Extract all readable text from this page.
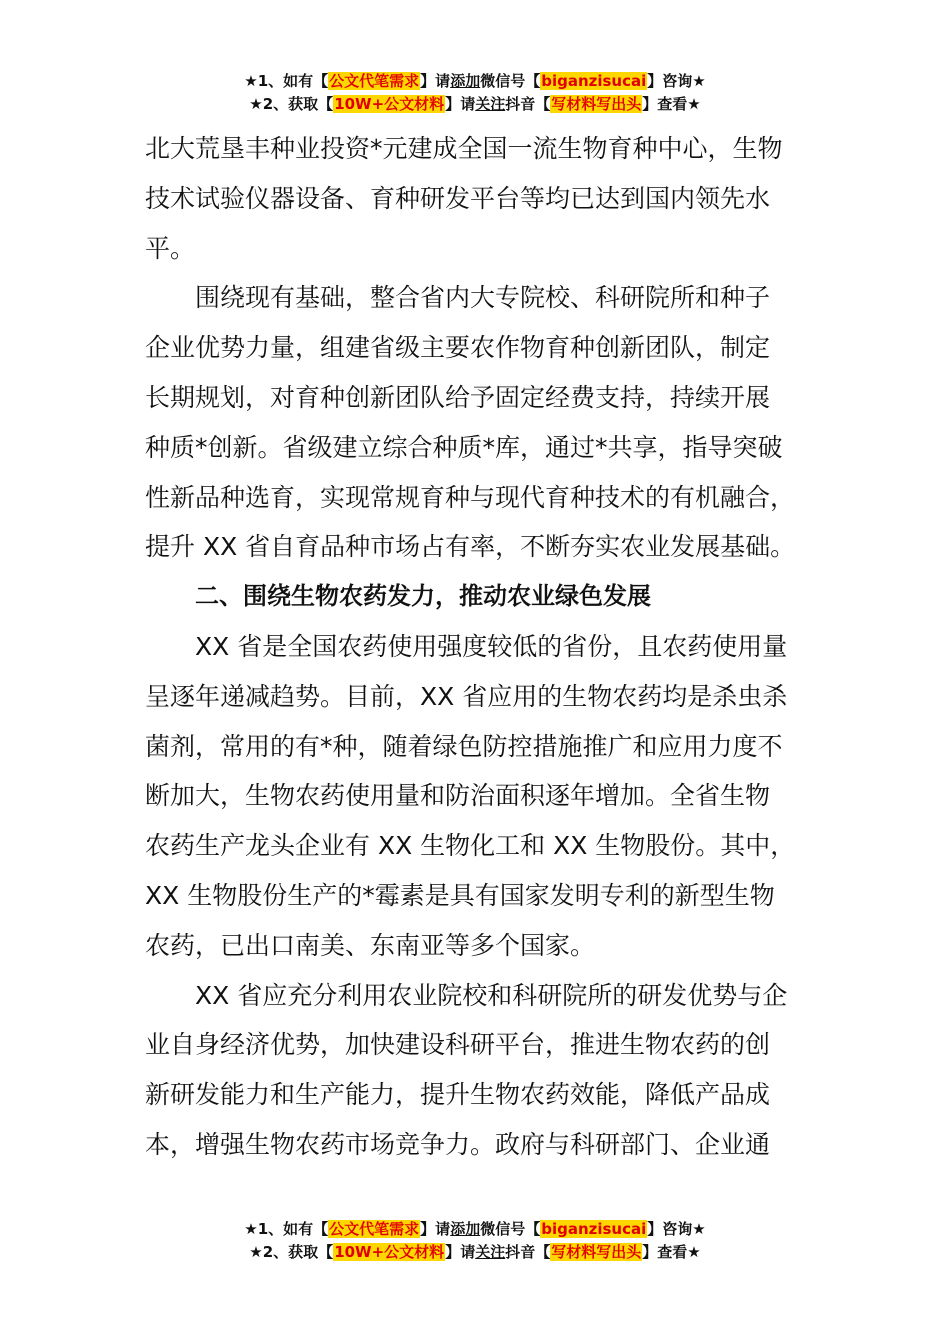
★1、如有【公文代笔需求】请添加微信号【biganzisucai】咨询★
★2、获取【10W+公文材料】请关注抖音【写材料写出头】查看★

北大荒垦丰种业投资*元建成全国一流生物育种中心，生物

技术试验仪器设备、育种研发平台等均已达到国内领先水

平。

围绕现有基础，整合省内大专院校、科研院所和种子

企业优势力量，组建省级主要农作物育种创新团队，制定

长期规划，对育种创新团队给予固定经费支持，持续开展

种质*创新。省级建立综合种质*库，通过*共享，指导突破

性新品种选育，实现常规育种与现代育种技术的有机融合，

提升 XX 省自育品种市场占有率，不断夯实农业发展基础。

二、围绕生物农药发力，推动农业绿色发展

XX 省是全国农药使用强度较低的省份，且农药使用量

呈逐年递减趋势。目前，XX 省应用的生物农药均是杀虫杀

菌剂，常用的有*种，随着绿色防控措施推广和应用力度不

断加大，生物农药使用量和防治面积逐年增加。全省生物

农药生产龙头企业有 XX 生物化工和 XX 生物股份。其中，

XX 生物股份生产的*霉素是具有国家发明专利的新型生物

农药，已出口南美、东南亚等多个国家。

XX 省应充分利用农业院校和科研院所的研发优势与企

业自身经济优势，加快建设科研平台，推进生物农药的创

新研发能力和生产能力，提升生物农药效能，降低产品成

本，增强生物农药市场竞争力。政府与科研部门、企业通

★1、如有【公文代笔需求】请添加微信号【biganzisucai】咨询★
★2、获取【10W+公文材料】请关注抖音【写材料写出头】查看★
